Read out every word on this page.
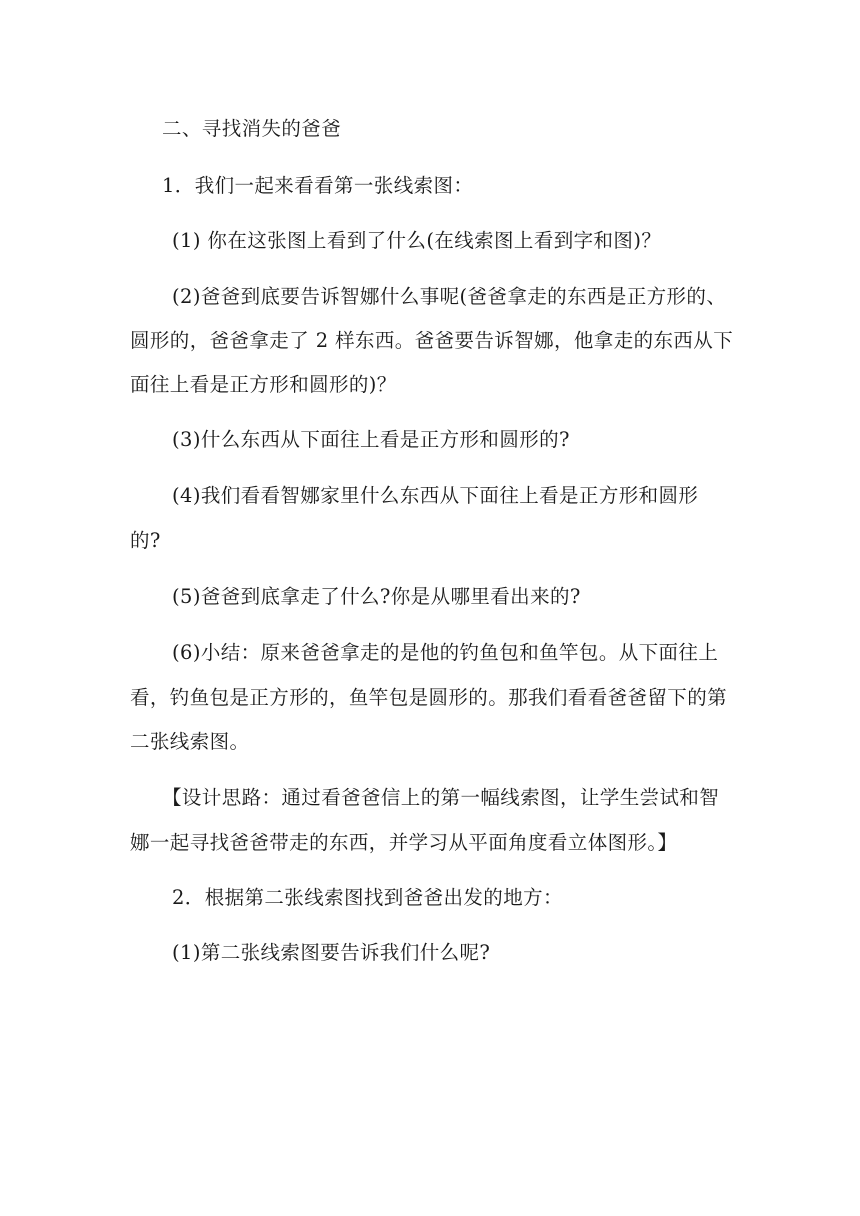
二、寻找消失的爸爸
1．我们一起来看看第一张线索图：
(1) 你在这张图上看到了什么(在线索图上看到字和图)？
(2)爸爸到底要告诉智娜什么事呢(爸爸拿走的东西是正方形的、
圆形的，爸爸拿走了 2 样东西。爸爸要告诉智娜，他拿走的东西从下
面往上看是正方形和圆形的)？
(3)什么东西从下面往上看是正方形和圆形的?
(4)我们看看智娜家里什么东西从下面往上看是正方形和圆形
的?
(5)爸爸到底拿走了什么?你是从哪里看出来的?
(6)小结：原来爸爸拿走的是他的钓鱼包和鱼竿包。从下面往上
看，钓鱼包是正方形的，鱼竿包是圆形的。那我们看看爸爸留下的第
二张线索图。
【设计思路：通过看爸爸信上的第一幅线索图，让学生尝试和智
娜一起寻找爸爸带走的东西，并学习从平面角度看立体图形。】
2．根据第二张线索图找到爸爸出发的地方：
(1)第二张线索图要告诉我们什么呢?
